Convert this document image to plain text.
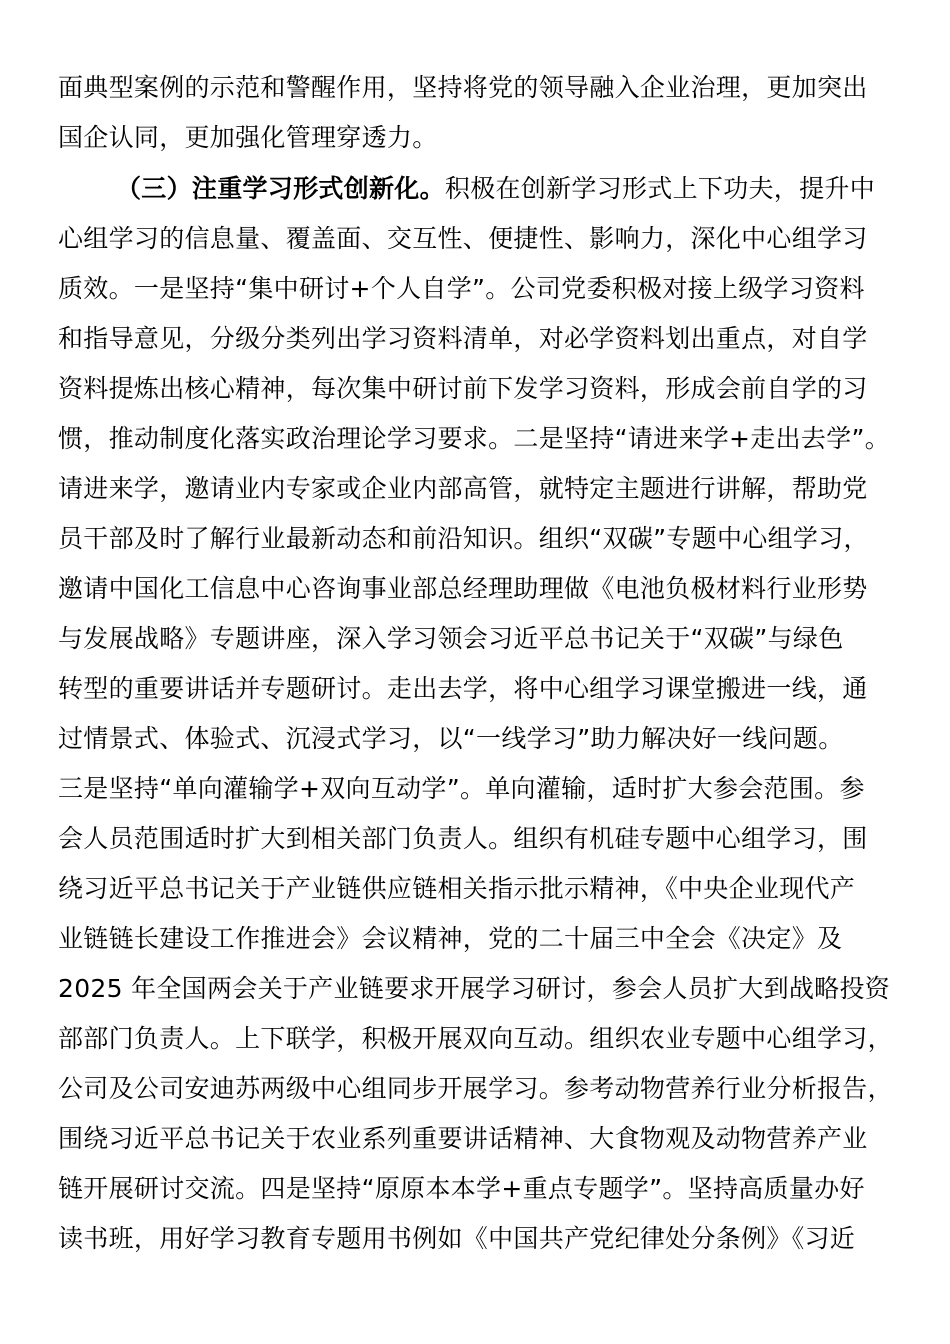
面典型案例的示范和警醒作用，坚持将党的领导融入企业治理，更加突出
国企认同，更加强化管理穿透力。
（三）注重学习形式创新化。积极在创新学习形式上下功夫，提升中
心组学习的信息量、覆盖面、交互性、便捷性、影响力，深化中心组学习
质效。一是坚持“集中研讨+个人自学”。公司党委积极对接上级学习资料
和指导意见，分级分类列出学习资料清单，对必学资料划出重点，对自学
资料提炼出核心精神，每次集中研讨前下发学习资料，形成会前自学的习
惯，推动制度化落实政治理论学习要求。二是坚持“请进来学+走出去学”。
请进来学，邀请业内专家或企业内部高管，就特定主题进行讲解，帮助党
员干部及时了解行业最新动态和前沿知识。组织“双碳”专题中心组学习，
邀请中国化工信息中心咨询事业部总经理助理做《电池负极材料行业形势
与发展战略》专题讲座，深入学习领会习近平总书记关于“双碳”与绿色
转型的重要讲话并专题研讨。走出去学，将中心组学习课堂搬进一线，通
过情景式、体验式、沉浸式学习，以“一线学习”助力解决好一线问题。
三是坚持“单向灌输学+双向互动学”。单向灌输，适时扩大参会范围。参
会人员范围适时扩大到相关部门负责人。组织有机硅专题中心组学习，围
绕习近平总书记关于产业链供应链相关指示批示精神，《中央企业现代产
业链链长建设工作推进会》会议精神，党的二十届三中全会《决定》及
2025 年全国两会关于产业链要求开展学习研讨，参会人员扩大到战略投资
部部门负责人。上下联学，积极开展双向互动。组织农业专题中心组学习，
公司及公司安迪苏两级中心组同步开展学习。参考动物营养行业分析报告，
围绕习近平总书记关于农业系列重要讲话精神、大食物观及动物营养产业
链开展研讨交流。四是坚持“原原本本学+重点专题学”。坚持高质量办好
读书班，用好学习教育专题用书例如《中国共产党纪律处分条例》《习近
